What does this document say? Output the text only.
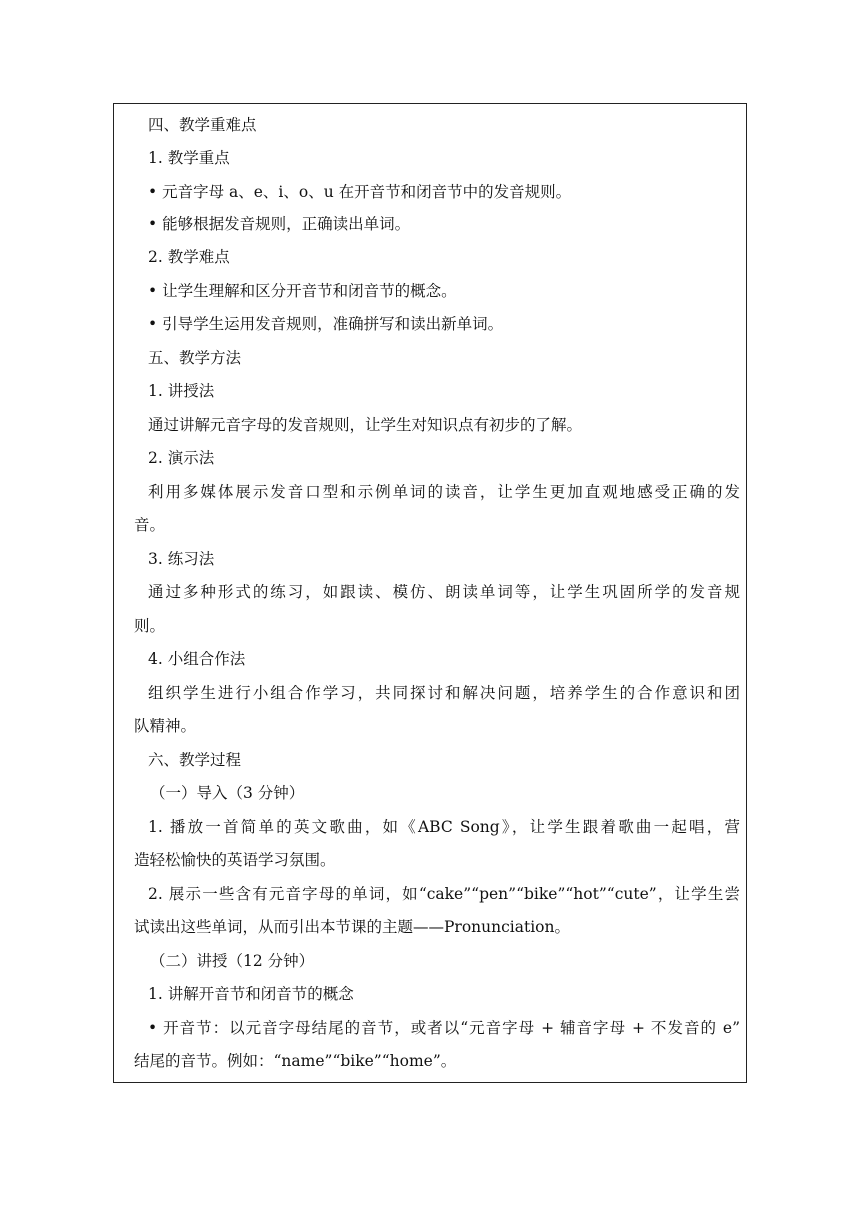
四、教学重难点
1. 教学重点
• 元音字母 a、e、i、o、u 在开音节和闭音节中的发音规则。
• 能够根据发音规则，正确读出单词。
2. 教学难点
• 让学生理解和区分开音节和闭音节的概念。
• 引导学生运用发音规则，准确拼写和读出新单词。
五、教学方法
1. 讲授法
通过讲解元音字母的发音规则，让学生对知识点有初步的了解。
2. 演示法
利用多媒体展示发音口型和示例单词的读音，让学生更加直观地感受正确的发
音。
3. 练习法
通过多种形式的练习，如跟读、模仿、朗读单词等，让学生巩固所学的发音规
则。
4. 小组合作法
组织学生进行小组合作学习，共同探讨和解决问题，培养学生的合作意识和团
队精神。
六、教学过程
（一）导入（3 分钟）
1. 播放一首简单的英文歌曲，如《ABC Song》，让学生跟着歌曲一起唱，营
造轻松愉快的英语学习氛围。
2. 展示一些含有元音字母的单词，如“cake”“pen”“bike”“hot”“cute”，让学生尝
试读出这些单词，从而引出本节课的主题——Pronunciation。
（二）讲授（12 分钟）
1. 讲解开音节和闭音节的概念
• 开音节：以元音字母结尾的音节，或者以“元音字母 + 辅音字母 + 不发音的 e”
结尾的音节。例如：“name”“bike”“home”。
